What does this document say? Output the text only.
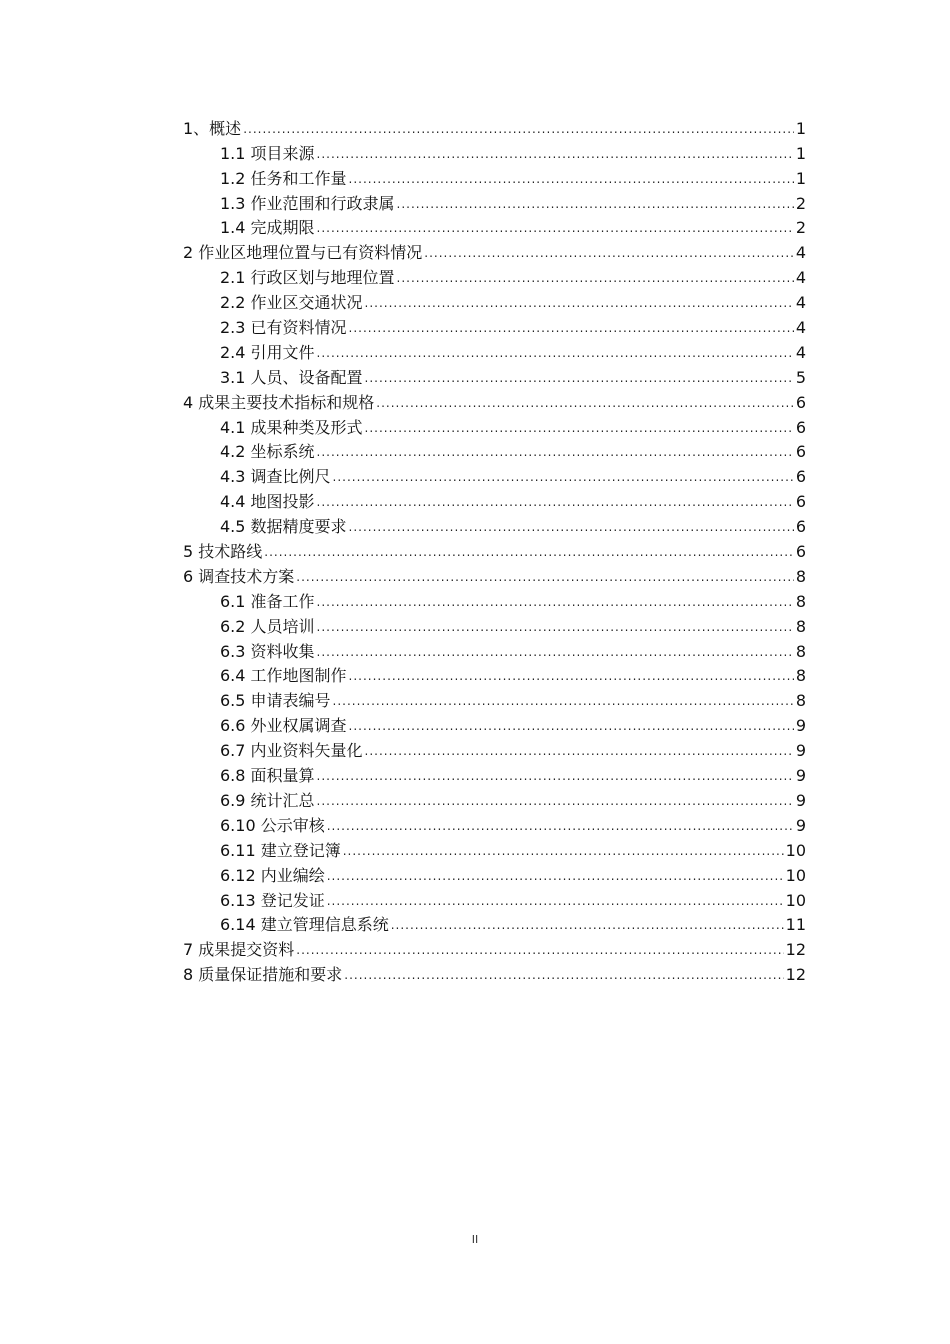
1、概述 .....	1
1.1 项目来源 .....	1
1.2 任务和工作量 .....	1
1.3 作业范围和行政隶属 .....	2
1.4 完成期限 .....	2
2 作业区地理位置与已有资料情况 .....	4
2.1 行政区划与地理位置 .....	4
2.2 作业区交通状况 .....	4
2.3 已有资料情况 .....	4
2.4 引用文件 .....	4
3.1 人员、设备配置 .....	5
4 成果主要技术指标和规格 .....	6
4.1 成果种类及形式 .....	6
4.2 坐标系统 .....	6
4.3 调查比例尺 .....	6
4.4 地图投影 .....	6
4.5 数据精度要求 .....	6
5 技术路线 .....	6
6 调查技术方案 .....	8
6.1 准备工作 .....	8
6.2 人员培训 .....	8
6.3 资料收集 .....	8
6.4 工作地图制作 .....	8
6.5 申请表编号 .....	8
6.6 外业权属调查 .....	9
6.7 内业资料矢量化 .....	9
6.8 面积量算 .....	9
6.9 统计汇总 .....	9
6.10 公示审核 .....	9
6.11 建立登记簿 .....	10
6.12 内业编绘 .....	10
6.13 登记发证 .....	10
6.14 建立管理信息系统 .....	11
7 成果提交资料 .....	12
8 质量保证措施和要求 .....	12
II
